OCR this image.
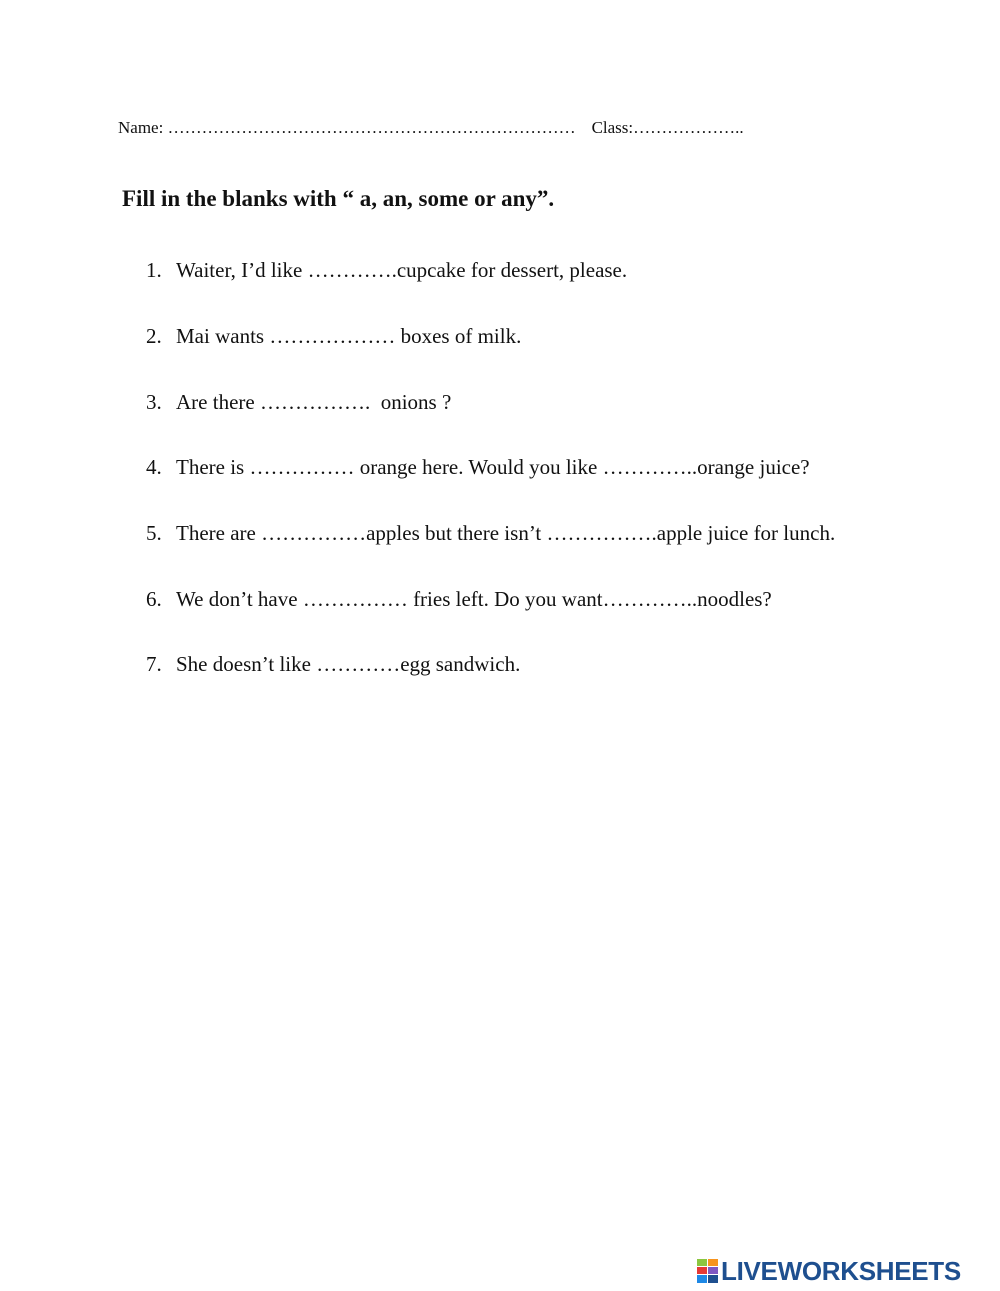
Name: ……………………………………………………………… Class:………………..
Fill in the blanks with “ a, an, some or any”.
1. Waiter, I’d like ………….cupcake for dessert, please.
2. Mai wants ……………… boxes of milk.
3. Are there …………….  onions ?
4. There is …………… orange here. Would you like …………..orange juice?
5. There are ……………apples but there isn’t …………….apple juice for lunch.
6. We don’t have …………… fries left. Do you want…………..noodles?
7. She doesn’t like …………egg sandwich.
LIVEWORKSHEETS
